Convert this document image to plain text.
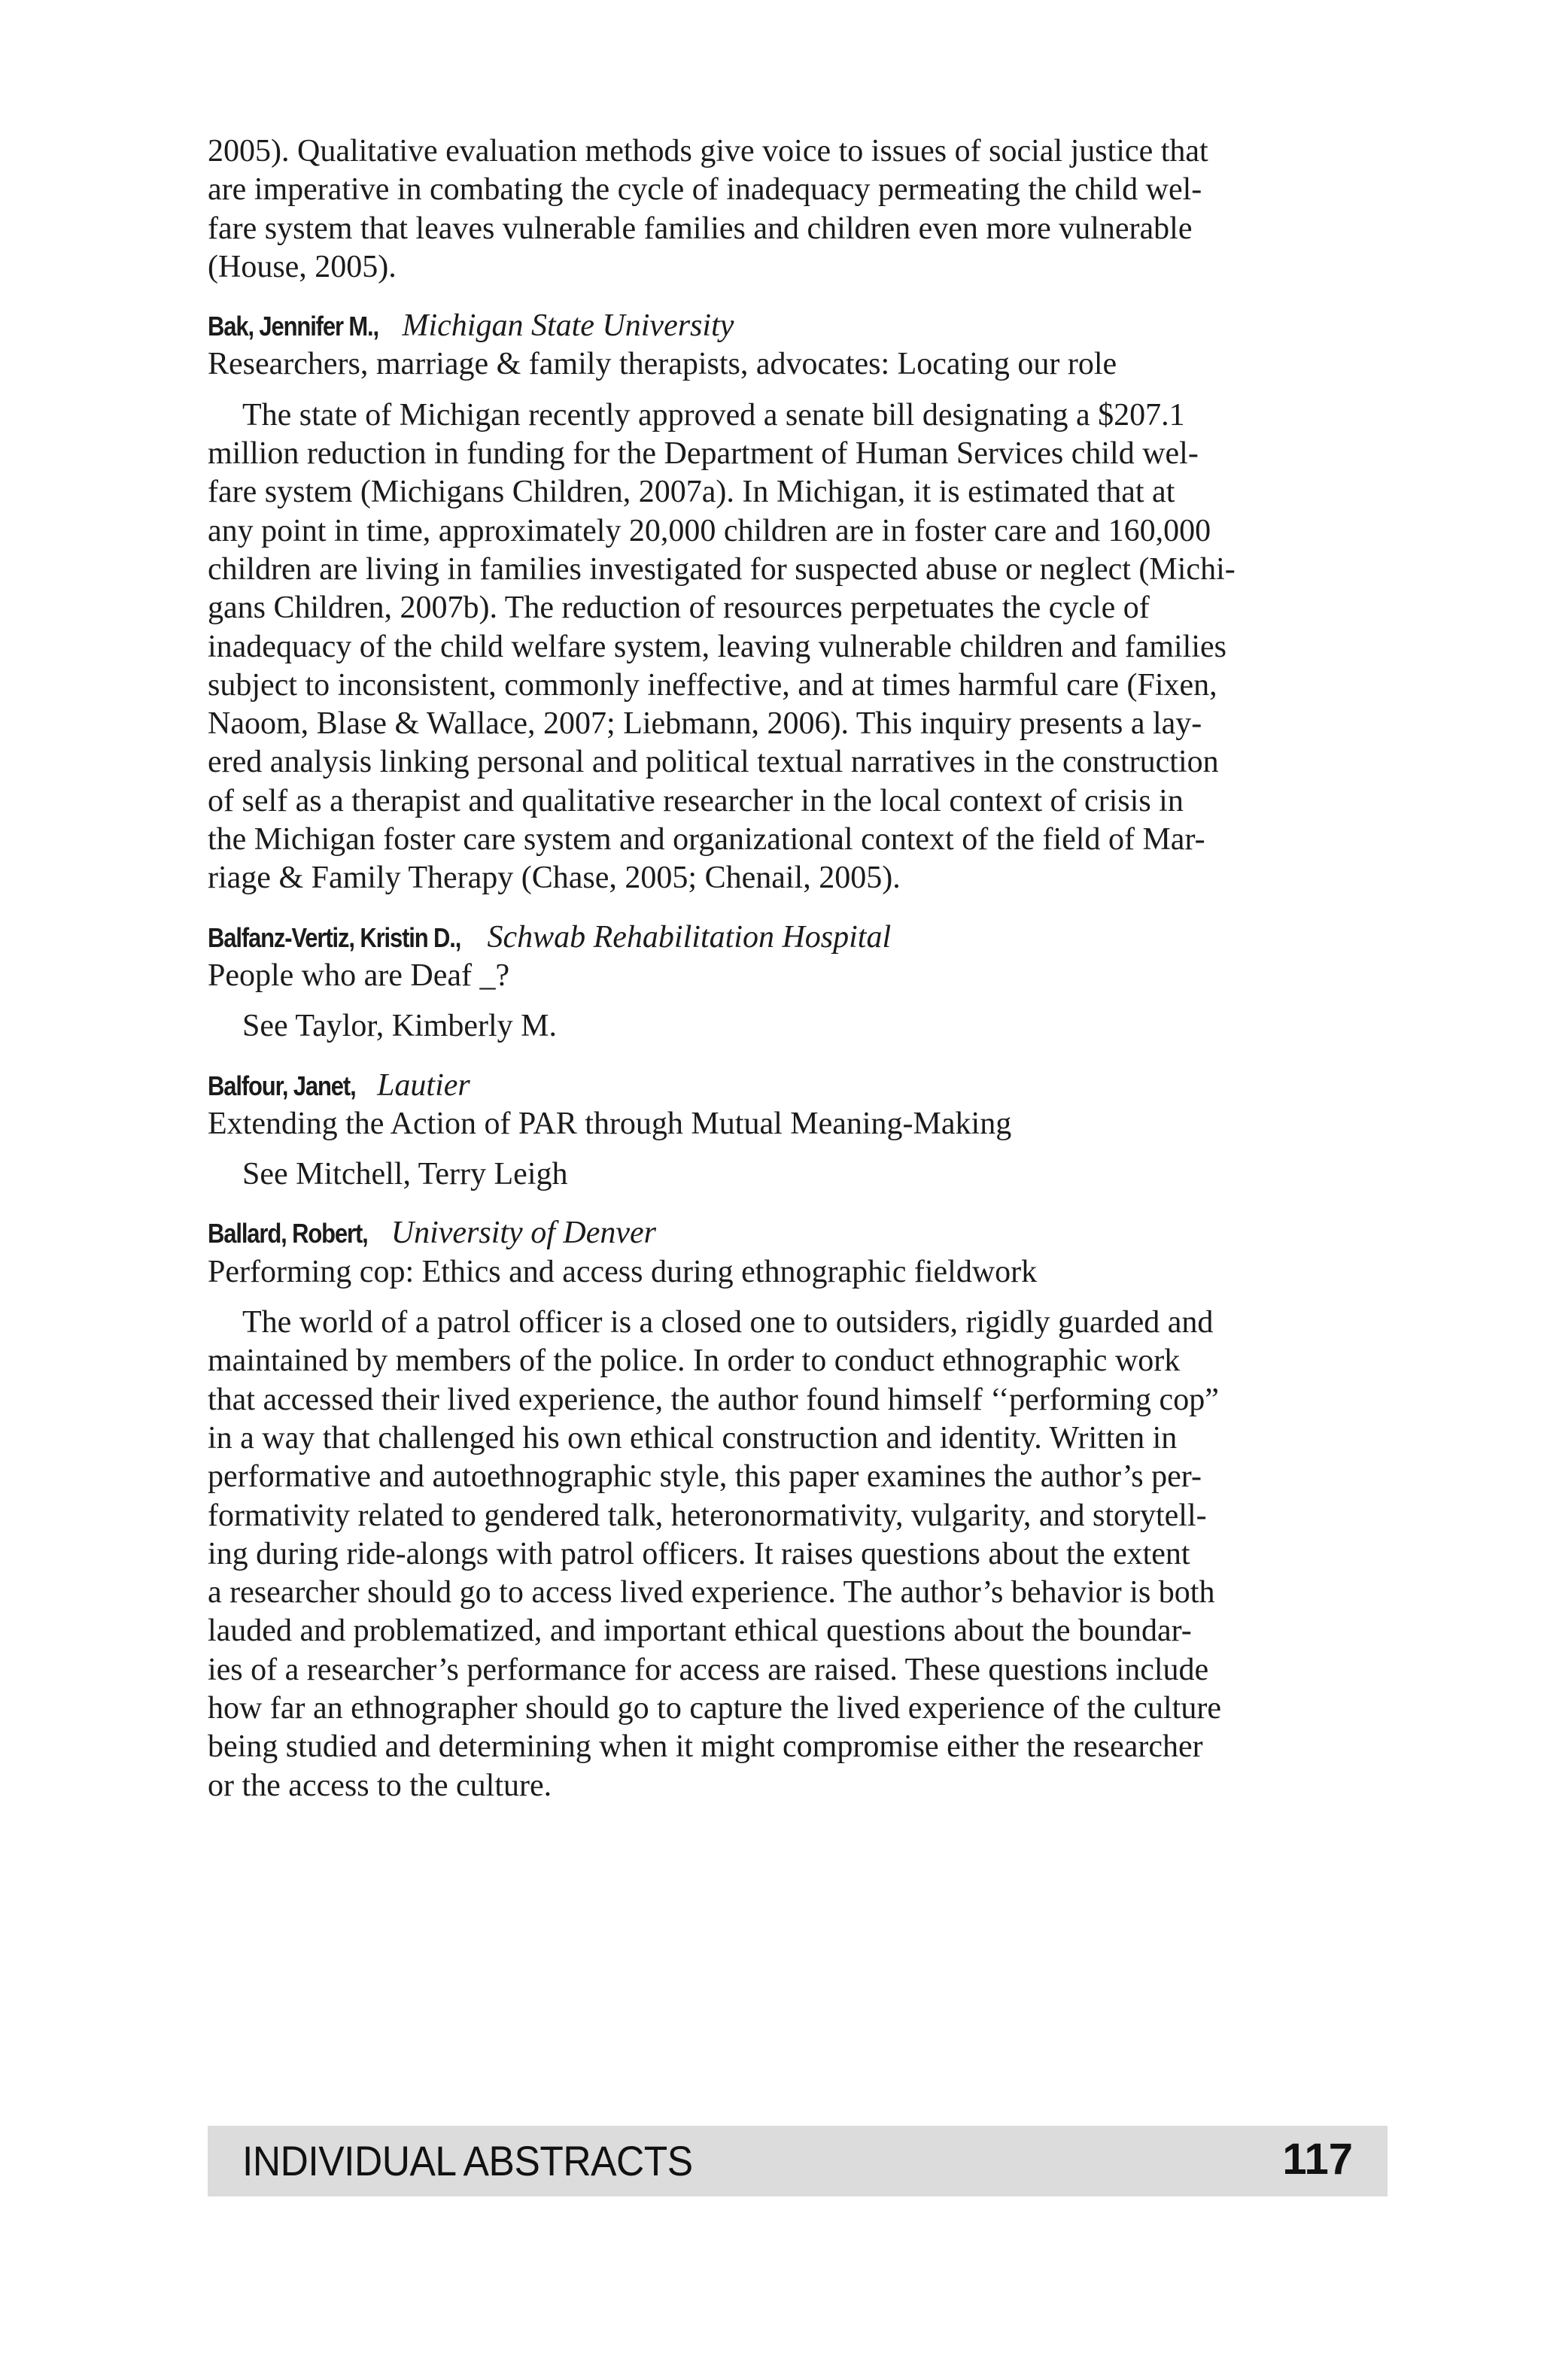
2005). Qualitative evaluation methods give voice to issues of social justice that
are imperative in combating the cycle of inadequacy permeating the child wel-
fare system that leaves vulnerable families and children even more vulnerable
(House, 2005).

Bak, Jennifer M., Michigan State University

Researchers, marriage & family therapists, advocates: Locating our role

The state of Michigan recently approved a senate bill designating a $207.1
million reduction in funding for the Department of Human Services child wel-
fare system (Michigans Children, 2007a). In Michigan, it is estimated that at
any point in time, approximately 20,000 children are in foster care and 160,000
children are living in families investigated for suspected abuse or neglect (Michi-
gans Children, 2007b). The reduction of resources perpetuates the cycle of
inadequacy of the child welfare system, leaving vulnerable children and families
subject to inconsistent, commonly ineffective, and at times harmful care (Fixen,
Naoom, Blase & Wallace, 2007; Liebmann, 2006). This inquiry presents a lay-
ered analysis linking personal and political textual narratives in the construction
of self as a therapist and qualitative researcher in the local context of crisis in
the Michigan foster care system and organizational context of the field of Mar-
riage & Family Therapy (Chase, 2005; Chenail, 2005).

Balfanz-Vertiz, Kristin D., Schwab Rehabilitation Hospital

People who are Deaf _?

See Taylor, Kimberly M.

Balfour, Janet, Lautier

Extending the Action of PAR through Mutual Meaning-Making

See Mitchell, Terry Leigh

Ballard, Robert, University of Denver

Performing cop: Ethics and access during ethnographic fieldwork

The world of a patrol officer is a closed one to outsiders, rigidly guarded and
maintained by members of the police. In order to conduct ethnographic work
that accessed their lived experience, the author found himself ‘‘performing cop”
in a way that challenged his own ethical construction and identity. Written in
performative and autoethnographic style, this paper examines the author’s per-
formativity related to gendered talk, heteronormativity, vulgarity, and storytell-
ing during ride-alongs with patrol officers. It raises questions about the extent
a researcher should go to access lived experience. The author’s behavior is both
lauded and problematized, and important ethical questions about the boundar-
ies of a researcher’s performance for access are raised. These questions include
how far an ethnographer should go to capture the lived experience of the culture
being studied and determining when it might compromise either the researcher
or the access to the culture.

INDIVIDUAL ABSTRACTS	117
